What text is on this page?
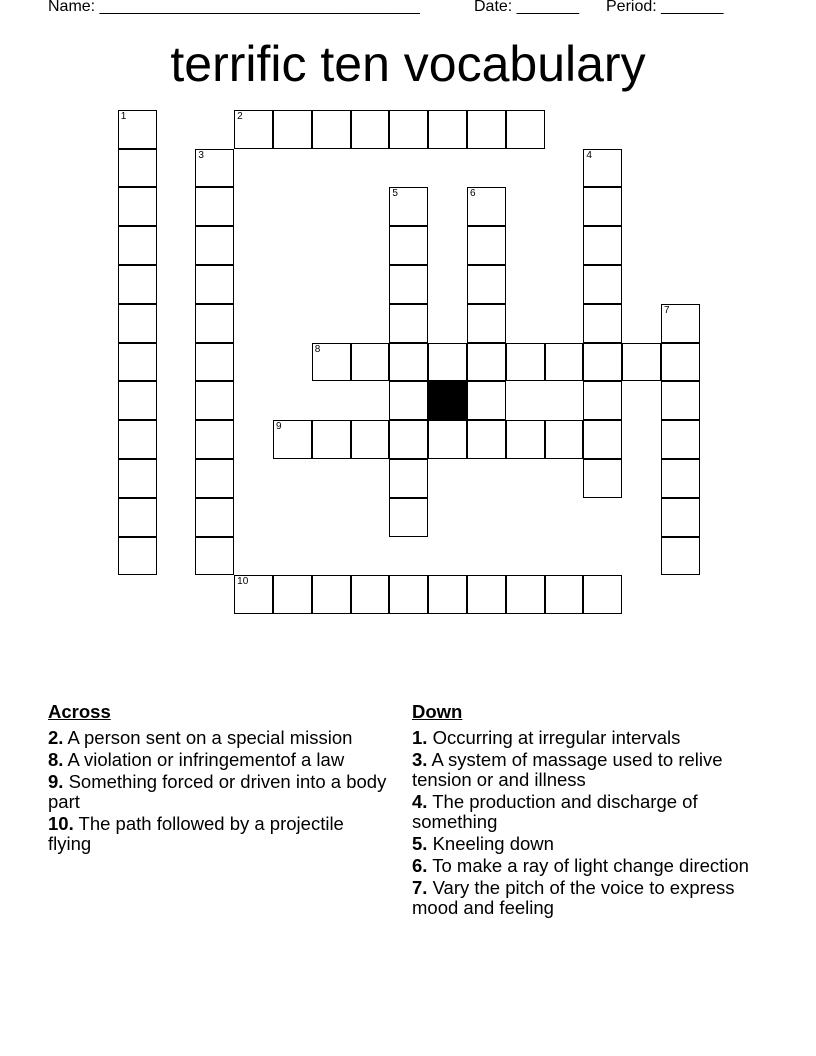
Name: ____________________________________	Date: _______ Period: _______
terrific ten vocabulary
1	2
3	4
5	6
7
8
9
10
Across
2. A person sent on a special mission
8. A violation or infringementof a law
9. Something forced or driven into a body part
10. The path followed by a projectile flying
Down
1. Occurring at irregular intervals
3. A system of massage used to relive tension or and illness
4. The production and discharge of something
5. Kneeling down
6. To make a ray of light change direction
7. Vary the pitch of the voice to express mood and feeling
